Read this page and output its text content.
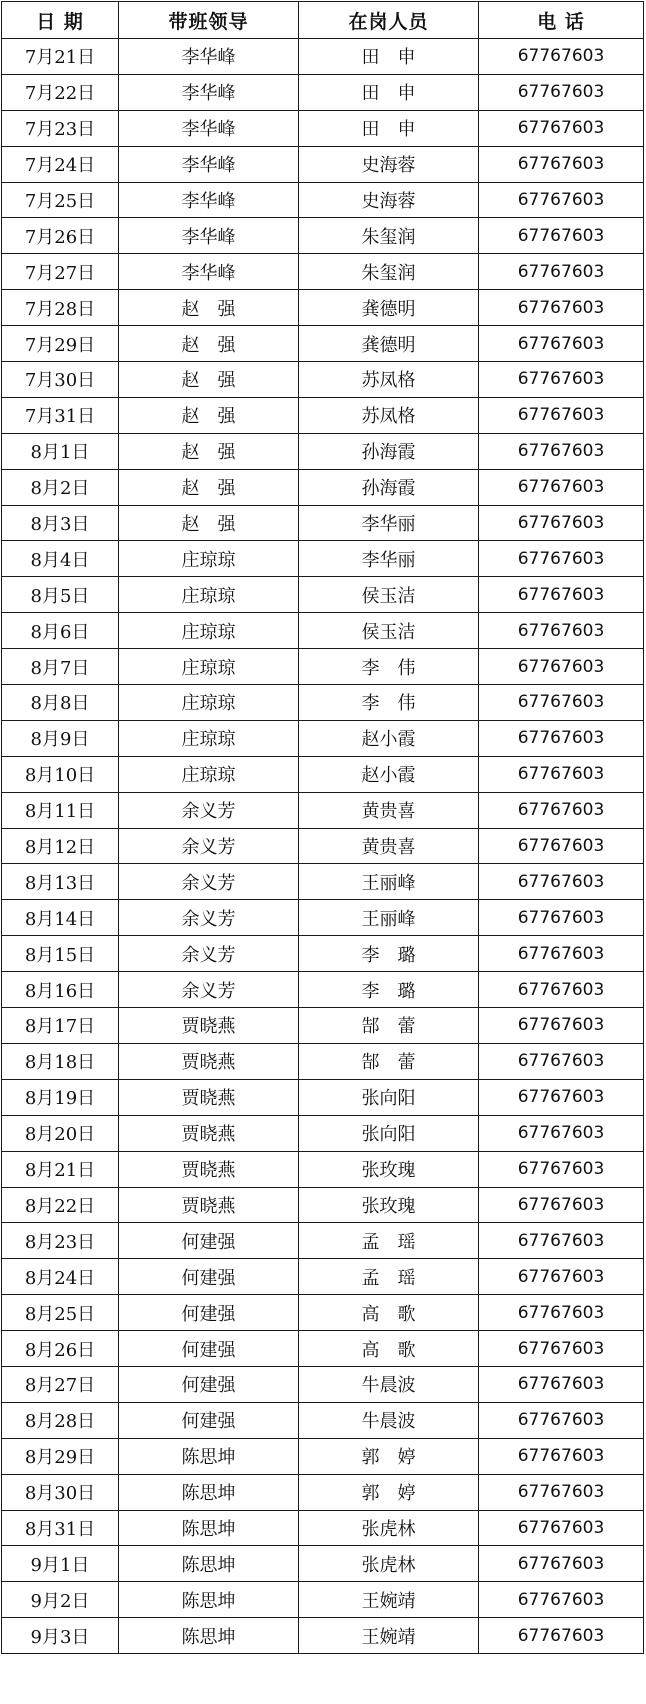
日 期	带班领导	在岗人员	电 话
7月21日	李华峰	田　申	67767603
7月22日	李华峰	田　申	67767603
7月23日	李华峰	田　申	67767603
7月24日	李华峰	史海蓉	67767603
7月25日	李华峰	史海蓉	67767603
7月26日	李华峰	朱玺润	67767603
7月27日	李华峰	朱玺润	67767603
7月28日	赵　强	龚德明	67767603
7月29日	赵　强	龚德明	67767603
7月30日	赵　强	苏凤格	67767603
7月31日	赵　强	苏凤格	67767603
8月1日	赵　强	孙海霞	67767603
8月2日	赵　强	孙海霞	67767603
8月3日	赵　强	李华丽	67767603
8月4日	庄琼琼	李华丽	67767603
8月5日	庄琼琼	侯玉洁	67767603
8月6日	庄琼琼	侯玉洁	67767603
8月7日	庄琼琼	李　伟	67767603
8月8日	庄琼琼	李　伟	67767603
8月9日	庄琼琼	赵小霞	67767603
8月10日	庄琼琼	赵小霞	67767603
8月11日	余义芳	黄贵喜	67767603
8月12日	余义芳	黄贵喜	67767603
8月13日	余义芳	王丽峰	67767603
8月14日	余义芳	王丽峰	67767603
8月15日	余义芳	李　璐	67767603
8月16日	余义芳	李　璐	67767603
8月17日	贾晓燕	郜　蕾	67767603
8月18日	贾晓燕	郜　蕾	67767603
8月19日	贾晓燕	张向阳	67767603
8月20日	贾晓燕	张向阳	67767603
8月21日	贾晓燕	张玫瑰	67767603
8月22日	贾晓燕	张玫瑰	67767603
8月23日	何建强	孟　瑶	67767603
8月24日	何建强	孟　瑶	67767603
8月25日	何建强	高　歌	67767603
8月26日	何建强	高　歌	67767603
8月27日	何建强	牛晨波	67767603
8月28日	何建强	牛晨波	67767603
8月29日	陈思坤	郭　婷	67767603
8月30日	陈思坤	郭　婷	67767603
8月31日	陈思坤	张虎林	67767603
9月1日	陈思坤	张虎林	67767603
9月2日	陈思坤	王婉靖	67767603
9月3日	陈思坤	王婉靖	67767603
